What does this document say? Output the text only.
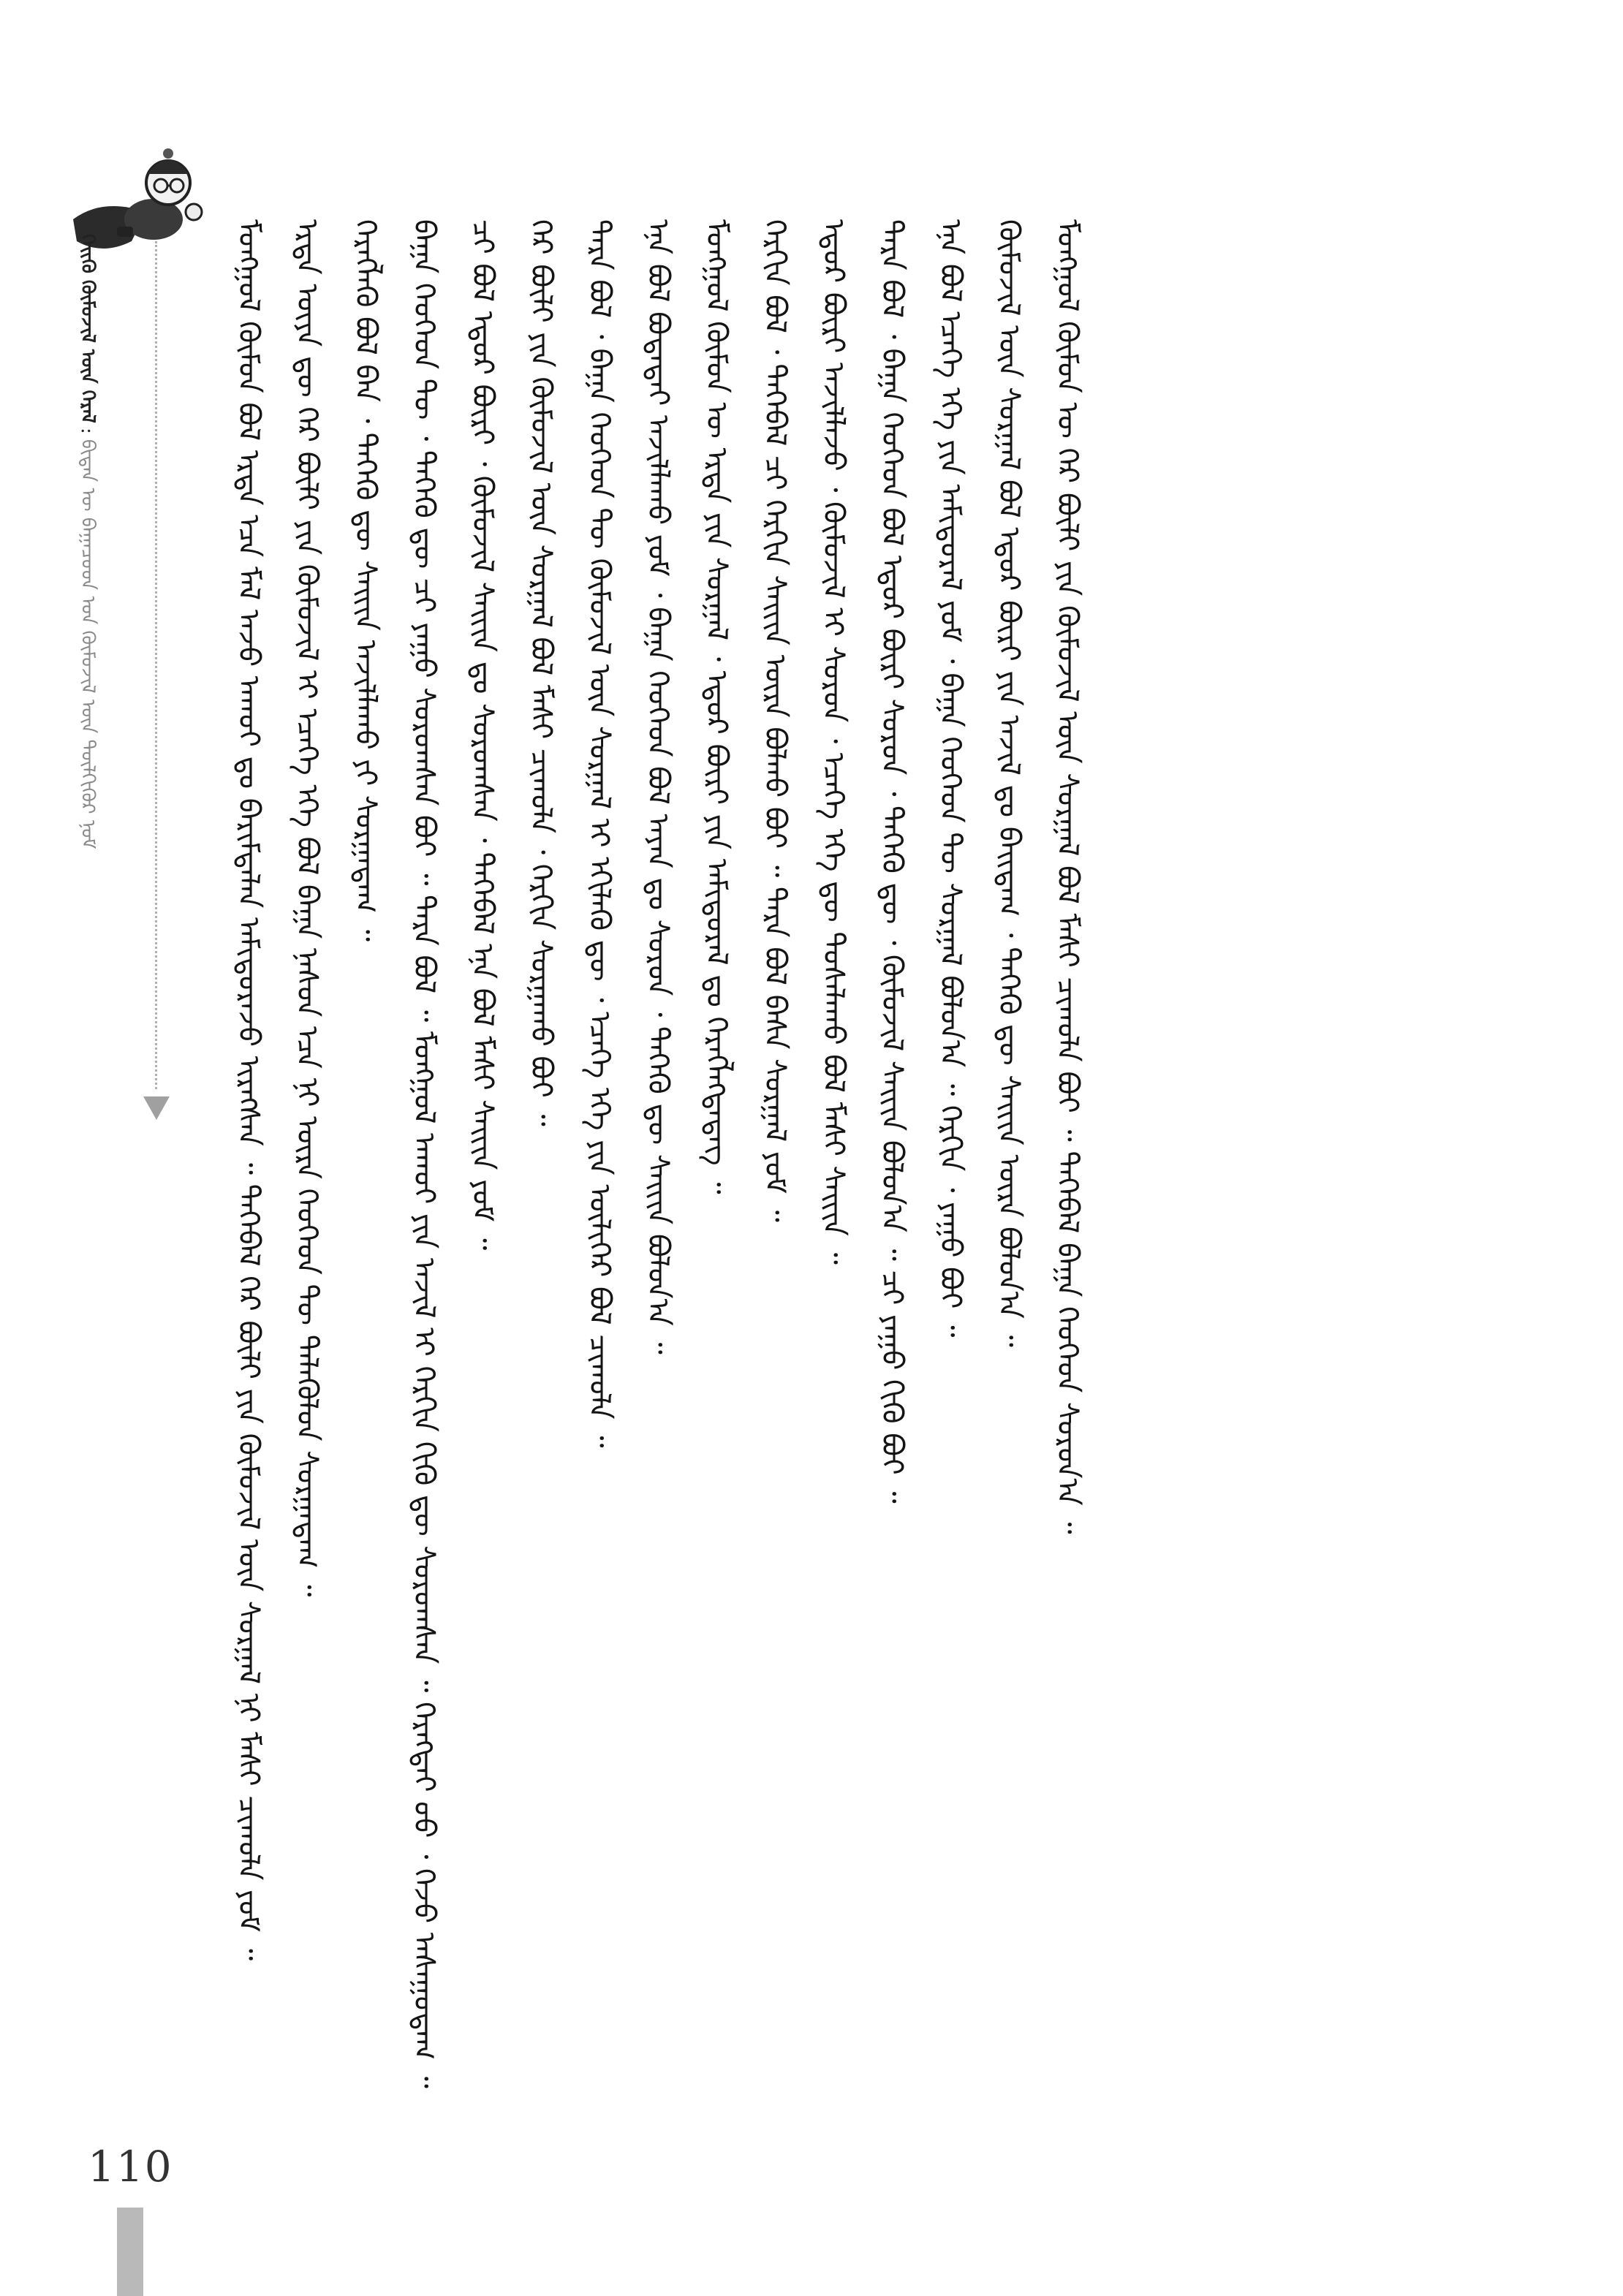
ᠬᠡᠢ᠌ᠭᠦ ᠬᠦᠮᠦᠵᠢᠯ ᠦᠨ ᠭᠡᠷᠡᠯ
:
ᠪᠢᠳᠡᠨ ᠦ ᠪᠠᠭᠠᠴᠤᠳ ᠤᠨ ᠬᠦᠮᠦᠵᠢᠯ ᠦᠨ ᠲᠦᠯᠬᠢᠭᠦᠷ ᠨᠣᠮ	ᠮᠣᠩᠭᠣᠯ ᠬᠦᠮᠦᠨ ᠪᠣᠯ ᠡᠷᠲᠡ ᠡᠴᠡ ᠮᠠᠯ ᠠᠵᠤ ᠠᠬᠤᠢ ᠳᠤ ᠪᠠᠷᠢᠮᠲᠠᠯᠠᠨ ᠠᠮᠢᠳᠤᠷᠠᠵᠤ ᠢᠷᠡᠭᠰᠡᠨ ᠃ ᠲᠡᠭᠡᠪᠡᠯ ᠭᠡᠷ ᠪᠦᠯᠢ ᠶᠢᠨ ᠬᠦᠮᠦᠵᠢᠯ ᠦᠨ ᠰᠤᠷᠭᠠᠯ ᠨᠢ ᠮᠠᠰᠢ ᠴᠢᠬᠤᠯᠠ ᠶᠤᠮ ᠃ ᠡᠷᠲᠡ ᠦᠶᠡ ᠳᠦ ᠭᠡᠷ ᠪᠦᠯᠢ ᠶᠢᠨ ᠬᠦᠮᠦᠵᠢᠯ ᠢ ᠡᠴᠡᠭᠡ ᠡᠬᠡ ᠪᠣᠯ ᠪᠠᠭᠠ ᠨᠠᠰᠤᠨ ᠡᠴᠡ ᠨᠢ ᠦᠷᠡ ᠬᠡᠦᠬᠡᠳ ᠲᠦ ᠲᠡᠯᠡᠭᠦᠯᠦᠨ ᠰᠤᠷᠭᠠᠳᠠᠭ ᠃ ᠬᠡᠷᠡᠭᠯᠡᠬᠦ ᠪᠣᠯ ᠪᠡᠨ ᠂ ᠲᠡᠭᠡᠬᠦ ᠳᠦ ᠰᠠᠢᠢᠨ ᠠᠵᠢᠯᠯᠠᠬᠤ ᠶᠢ ᠰᠤᠷᠭᠠᠳᠠᠭ ᠃ ᠪᠠᠭᠠ ᠬᠡᠦᠬᠡᠳ ᠲᠦ ᠂ ᠲᠡᠭᠡᠬᠦ ᠳᠦ ᠴᠢ ᠶᠠᠭᠤ ᠰᠤᠷᠤᠭᠰᠠᠨ ᠪᠣᠢ ᠃ ᠲᠡᠷᠡ ᠪᠣᠯ ᠃ ᠮᠣᠩᠭᠣᠯ ᠠᠬᠤᠢ ᠶᠢᠨ ᠠᠵᠢᠯ ᠢ ᠬᠡᠷᠬᠢᠨ ᠬᠢᠬᠦ ᠳᠦ ᠰᠤᠷᠤᠭᠰᠠᠨ ᠃ ᠬᠡᠷᠡᠭᠲᠡᠢ ᠤᠤ ᠂ ᠭᠡᠵᠦ ᠠᠰᠠᠭᠤᠳᠠᠭ ᠃ ᠴᠢ ᠪᠣᠯ ᠡᠳᠦᠷ ᠪᠦᠷᠢ ᠂ ᠬᠦᠮᠦᠵᠢᠯ ᠰᠠᠢᠢᠨ ᠳᠤ ᠰᠤᠷᠤᠭᠰᠠᠨ ᠂ ᠲᠡᠭᠡᠪᠡᠯ ᠡᠨᠡ ᠪᠣᠯ ᠮᠠᠰᠢ ᠰᠠᠢᠢᠨ ᠶᠤᠮ ᠃ ᠭᠡᠷ ᠪᠦᠯᠢ ᠶᠢᠨ ᠬᠦᠮᠦᠵᠢᠯ ᠦᠨ ᠰᠤᠷᠭᠠᠯ ᠪᠣᠯ ᠮᠠᠰᠢ ᠴᠢᠬᠤᠯᠠ ᠂ ᠬᠡᠷᠬᠢᠨ ᠰᠤᠷᠭᠠᠬᠤ ᠪᠣᠢ ᠃ ᠲᠡᠷᠡ ᠪᠣᠯ ᠂ ᠪᠠᠭᠠ ᠬᠡᠦᠬᠡᠳ ᠲᠦ ᠬᠦᠮᠦᠵᠢᠯ ᠦᠨ ᠰᠤᠷᠭᠠᠯ ᠢ ᠡᠬᠢᠯᠡᠬᠦ ᠳᠦ ᠂ ᠡᠴᠡᠭᠡ ᠡᠬᠡ ᠶᠢᠨ ᠦᠯᠢᠭᠡᠷ ᠪᠣᠯ ᠴᠢᠬᠤᠯᠠ ᠃ ᠡᠨᠡ ᠪᠣᠯ ᠪᠣᠳᠠᠲᠠᠢ ᠠᠵᠢᠯᠯᠠᠬᠤ ᠶᠤᠮ ᠂ ᠪᠠᠭᠠ ᠬᠡᠦᠬᠡᠳ ᠪᠣᠯ ᠠᠶᠠᠨ ᠳᠤ ᠰᠤᠷᠤᠨ ᠂ ᠲᠡᠭᠡᠬᠦ ᠳᠦ ᠰᠠᠢᠢᠨ ᠪᠣᠯᠤᠨ᠎ᠠ ᠃ ᠮᠣᠩᠭᠣᠯ ᠬᠦᠮᠦᠨ ᠦ ᠡᠷᠲᠡ ᠶᠢᠨ ᠰᠤᠷᠭᠠᠯ ᠂ ᠡᠳᠦᠷ ᠪᠦᠷᠢ ᠶᠢᠨ ᠠᠮᠢᠳᠤᠷᠠᠯ ᠳᠤ ᠬᠡᠷᠡᠭᠯᠡᠭᠳᠡᠳᠡᠭ ᠃ ᠬᠡᠷᠬᠢᠨ ᠪᠣᠯ ᠂ ᠲᠡᠭᠡᠪᠡᠯ ᠴᠢ ᠬᠡᠷᠬᠢᠨ ᠰᠠᠢᠢᠨ ᠦᠷᠡ ᠪᠣᠯᠬᠤ ᠪᠣᠢ ᠃ ᠲᠡᠷᠡ ᠪᠣᠯ ᠪᠠᠰᠠ ᠰᠤᠷᠭᠠᠯ ᠶᠤᠮ ᠃ ᠡᠳᠦᠷ ᠪᠦᠷᠢ ᠠᠵᠢᠯᠯᠠᠵᠤ ᠂ ᠬᠦᠮᠦᠵᠢᠯ ᠢ ᠰᠤᠷᠤᠨ ᠂ ᠡᠴᠡᠭᠡ ᠡᠬᠡ ᠳᠦ ᠲᠤᠰᠠᠯᠠᠬᠤ ᠪᠣᠯ ᠮᠠᠰᠢ ᠰᠠᠢᠢᠨ ᠃ ᠲᠡᠷᠡ ᠪᠣᠯ ᠂ ᠪᠠᠭᠠ ᠬᠡᠦᠬᠡᠳ ᠪᠣᠯ ᠡᠳᠦᠷ ᠪᠦᠷᠢ ᠰᠤᠷᠤᠨ ᠂ ᠲᠡᠭᠡᠬᠦ ᠳᠦ ᠂ ᠬᠦᠮᠦᠵᠢᠯ ᠰᠠᠢᠢᠨ ᠪᠣᠯᠤᠨ᠎ᠠ ᠃ ᠴᠢ ᠶᠠᠭᠤ ᠬᠢᠬᠦ ᠪᠣᠢ ᠃ ᠡᠨᠡ ᠪᠣᠯ ᠡᠴᠡᠭᠡ ᠡᠬᠡ ᠶᠢᠨ ᠠᠮᠢᠳᠤᠷᠠᠯ ᠶᠤᠮ ᠂ ᠪᠠᠭᠠ ᠬᠡᠦᠬᠡᠳ ᠲᠦ ᠰᠤᠷᠭᠠᠯ ᠪᠣᠯᠤᠨ᠎ᠠ ᠃ ᠬᠡᠷᠬᠢᠨ ᠂ ᠶᠠᠭᠤ ᠪᠣᠢ ᠃ ᠬᠦᠮᠦᠵᠢᠯ ᠦᠨ ᠰᠤᠷᠭᠠᠯ ᠪᠣᠯ ᠡᠳᠦᠷ ᠪᠦᠷᠢ ᠶᠢᠨ ᠠᠵᠢᠯ ᠳᠤ ᠪᠠᠢᠳᠠᠭ ᠂ ᠲᠡᠭᠡᠬᠦ ᠳᠦ ᠰᠠᠢᠢᠨ ᠦᠷᠡ ᠪᠣᠯᠤᠨ᠎ᠠ ᠃ ᠮᠣᠩᠭᠣᠯ ᠬᠦᠮᠦᠨ ᠦ ᠭᠡᠷ ᠪᠦᠯᠢ ᠶᠢᠨ ᠬᠦᠮᠦᠵᠢᠯ ᠦᠨ ᠰᠤᠷᠭᠠᠯ ᠪᠣᠯ ᠮᠠᠰᠢ ᠴᠢᠬᠤᠯᠠ ᠪᠣᠢ ᠃ ᠲᠡᠭᠡᠪᠡᠯ ᠪᠠᠭᠠ ᠬᠡᠦᠬᠡᠳ ᠰᠤᠷᠤᠨ᠎ᠠ ᠃
110
